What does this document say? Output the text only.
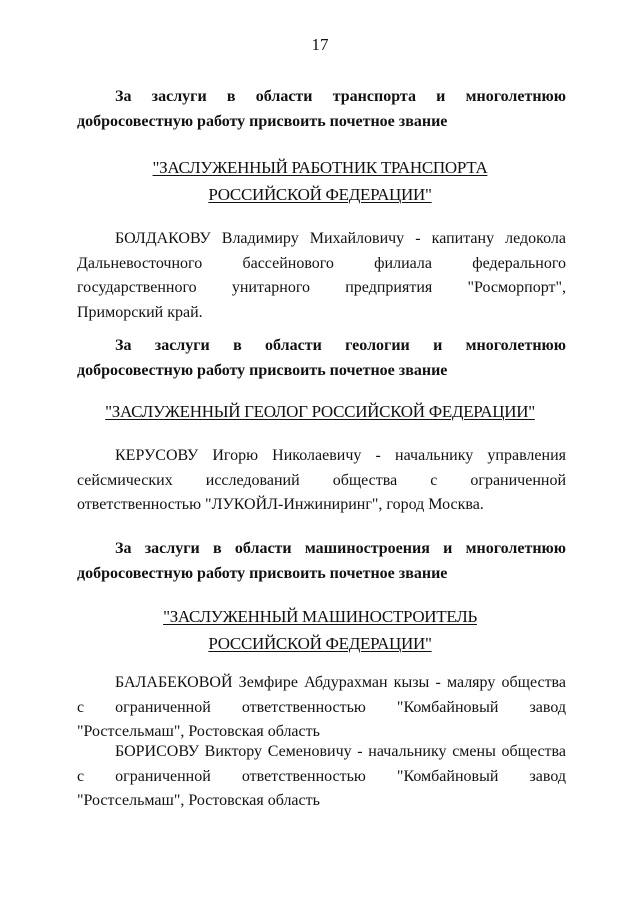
17
За заслуги в области транспорта и многолетнюю
добросовестную работу присвоить почетное звание
"ЗАСЛУЖЕННЫЙ РАБОТНИК ТРАНСПОРТА
РОССИЙСКОЙ ФЕДЕРАЦИИ"
БОЛДАКОВУ Владимиру Михайловичу - капитану ледокола
Дальневосточного бассейнового филиала федерального
государственного унитарного предприятия "Росморпорт",
Приморский край.
За заслуги в области геологии и многолетнюю
добросовестную работу присвоить почетное звание
"ЗАСЛУЖЕННЫЙ ГЕОЛОГ РОССИЙСКОЙ ФЕДЕРАЦИИ"
КЕРУСОВУ Игорю Николаевичу - начальнику управления
сейсмических исследований общества с ограниченной
ответственностью "ЛУКОЙЛ-Инжиниринг", город Москва.
За заслуги в области машиностроения и многолетнюю
добросовестную работу присвоить почетное звание
"ЗАСЛУЖЕННЫЙ МАШИНОСТРОИТЕЛЬ
РОССИЙСКОЙ ФЕДЕРАЦИИ"
БАЛАБЕКОВОЙ Земфире Абдурахман кызы - маляру общества
с ограниченной ответственностью "Комбайновый завод
"Ростсельмаш", Ростовская область
БОРИСОВУ Виктору Семеновичу - начальнику смены общества
с ограниченной ответственностью "Комбайновый завод
"Ростсельмаш", Ростовская область
